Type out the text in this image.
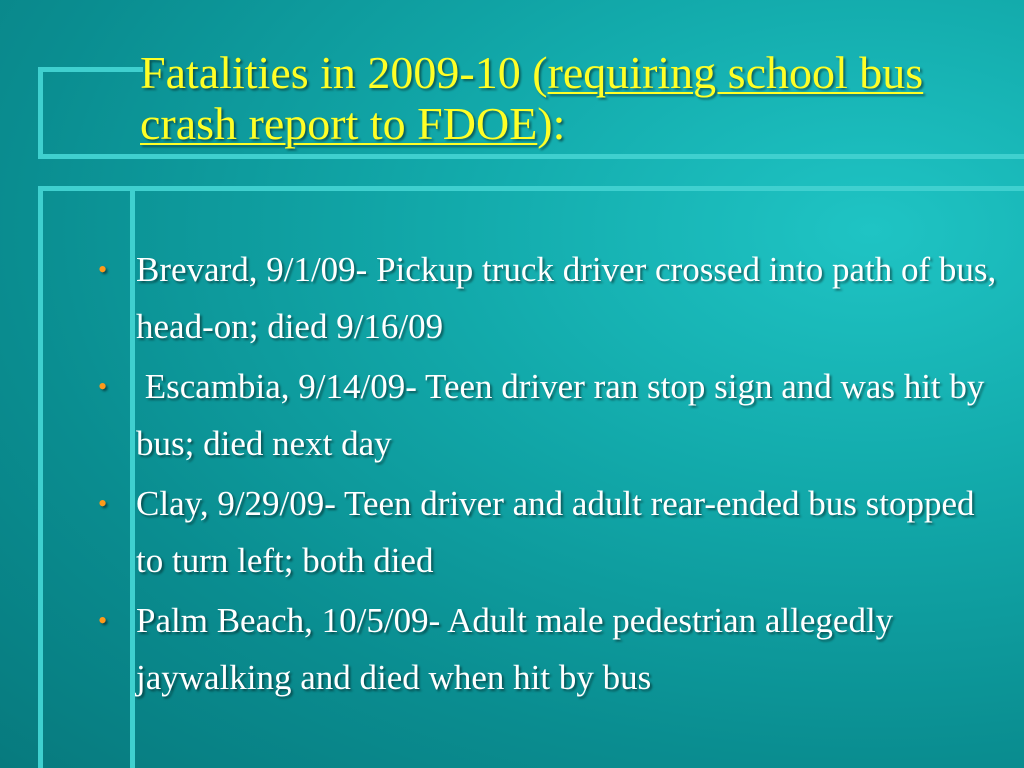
Fatalities in 2009-10 (requiring school bus crash report to FDOE):
• Brevard, 9/1/09- Pickup truck driver crossed into path of bus, head-on; died 9/16/09
• Escambia, 9/14/09- Teen driver ran stop sign and was hit by bus; died next day
• Clay, 9/29/09- Teen driver and adult rear-ended bus stopped to turn left; both died
• Palm Beach, 10/5/09- Adult male pedestrian allegedly jaywalking and died when hit by bus
